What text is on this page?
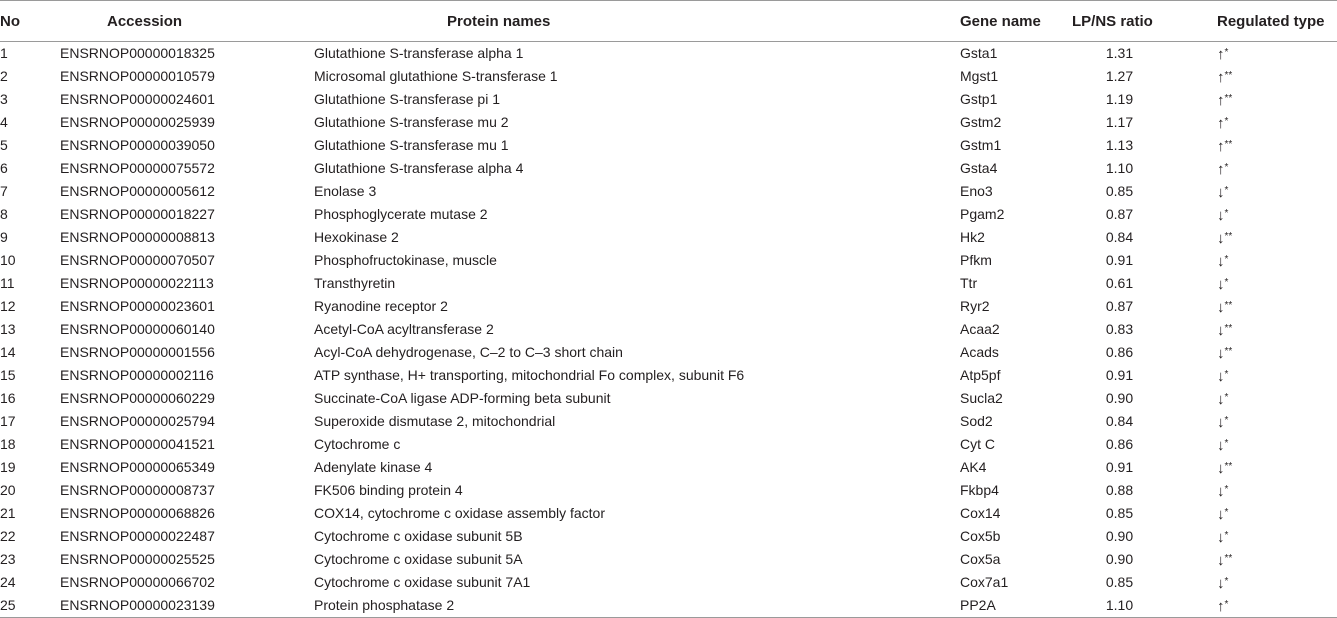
No	Accession	Protein names	Gene name	LP/NS ratio	Regulated type
1	ENSRNOP00000018325	Glutathione S-transferase alpha 1	Gsta1	1.31	↑*
2	ENSRNOP00000010579	Microsomal glutathione S-transferase 1	Mgst1	1.27	↑**
3	ENSRNOP00000024601	Glutathione S-transferase pi 1	Gstp1	1.19	↑**
4	ENSRNOP00000025939	Glutathione S-transferase mu 2	Gstm2	1.17	↑*
5	ENSRNOP00000039050	Glutathione S-transferase mu 1	Gstm1	1.13	↑**
6	ENSRNOP00000075572	Glutathione S-transferase alpha 4	Gsta4	1.10	↑*
7	ENSRNOP00000005612	Enolase 3	Eno3	0.85	↓*
8	ENSRNOP00000018227	Phosphoglycerate mutase 2	Pgam2	0.87	↓*
9	ENSRNOP00000008813	Hexokinase 2	Hk2	0.84	↓**
10	ENSRNOP00000070507	Phosphofructokinase, muscle	Pfkm	0.91	↓*
11	ENSRNOP00000022113	Transthyretin	Ttr	0.61	↓*
12	ENSRNOP00000023601	Ryanodine receptor 2	Ryr2	0.87	↓**
13	ENSRNOP00000060140	Acetyl-CoA acyltransferase 2	Acaa2	0.83	↓**
14	ENSRNOP00000001556	Acyl-CoA dehydrogenase, C–2 to C–3 short chain	Acads	0.86	↓**
15	ENSRNOP00000002116	ATP synthase, H+ transporting, mitochondrial Fo complex, subunit F6	Atp5pf	0.91	↓*
16	ENSRNOP00000060229	Succinate-CoA ligase ADP-forming beta subunit	Sucla2	0.90	↓*
17	ENSRNOP00000025794	Superoxide dismutase 2, mitochondrial	Sod2	0.84	↓*
18	ENSRNOP00000041521	Cytochrome c	Cyt C	0.86	↓*
19	ENSRNOP00000065349	Adenylate kinase 4	AK4	0.91	↓**
20	ENSRNOP00000008737	FK506 binding protein 4	Fkbp4	0.88	↓*
21	ENSRNOP00000068826	COX14, cytochrome c oxidase assembly factor	Cox14	0.85	↓*
22	ENSRNOP00000022487	Cytochrome c oxidase subunit 5B	Cox5b	0.90	↓*
23	ENSRNOP00000025525	Cytochrome c oxidase subunit 5A	Cox5a	0.90	↓**
24	ENSRNOP00000066702	Cytochrome c oxidase subunit 7A1	Cox7a1	0.85	↓*
25	ENSRNOP00000023139	Protein phosphatase 2	PP2A	1.10	↑*
